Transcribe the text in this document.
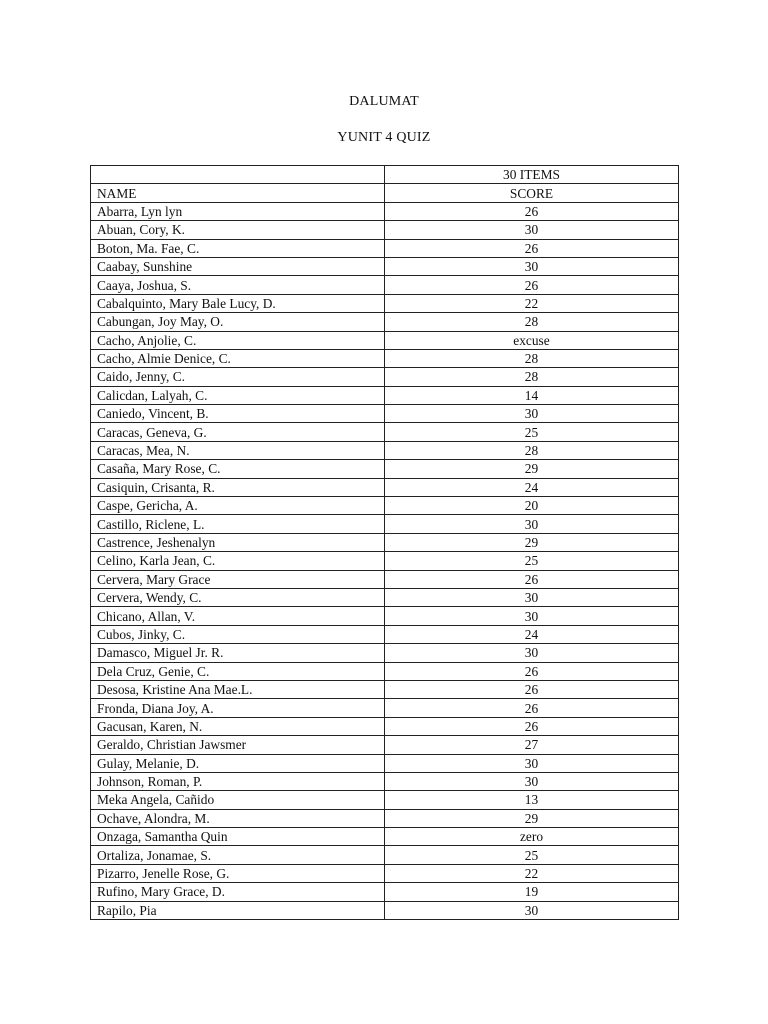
DALUMAT
YUNIT 4 QUIZ
	30 ITEMS
NAME	SCORE
Abarra, Lyn lyn	26
Abuan, Cory, K.	30
Boton, Ma. Fae, C.	26
Caabay, Sunshine	30
Caaya, Joshua, S.	26
Cabalquinto, Mary Bale Lucy, D.	22
Cabungan, Joy May, O.	28
Cacho, Anjolie, C.	excuse
Cacho, Almie Denice, C.	28
Caido, Jenny, C.	28
Calicdan, Lalyah, C.	14
Caniedo, Vincent, B.	30
Caracas, Geneva, G.	25
Caracas, Mea, N.	28
Casaña, Mary Rose, C.	29
Casiquin, Crisanta, R.	24
Caspe, Gericha, A.	20
Castillo, Riclene, L.	30
Castrence, Jeshenalyn	29
Celino, Karla Jean, C.	25
Cervera, Mary Grace	26
Cervera, Wendy, C.	30
Chicano, Allan, V.	30
Cubos, Jinky, C.	24
Damasco, Miguel Jr. R.	30
Dela Cruz, Genie, C.	26
Desosa, Kristine Ana Mae.L.	26
Fronda, Diana Joy, A.	26
Gacusan, Karen, N.	26
Geraldo, Christian Jawsmer	27
Gulay, Melanie, D.	30
Johnson, Roman, P.	30
Meka Angela, Cañido	13
Ochave, Alondra, M.	29
Onzaga, Samantha Quin	zero
Ortaliza, Jonamae, S.	25
Pizarro, Jenelle Rose, G.	22
Rufino, Mary Grace, D.	19
Rapilo, Pia	30
